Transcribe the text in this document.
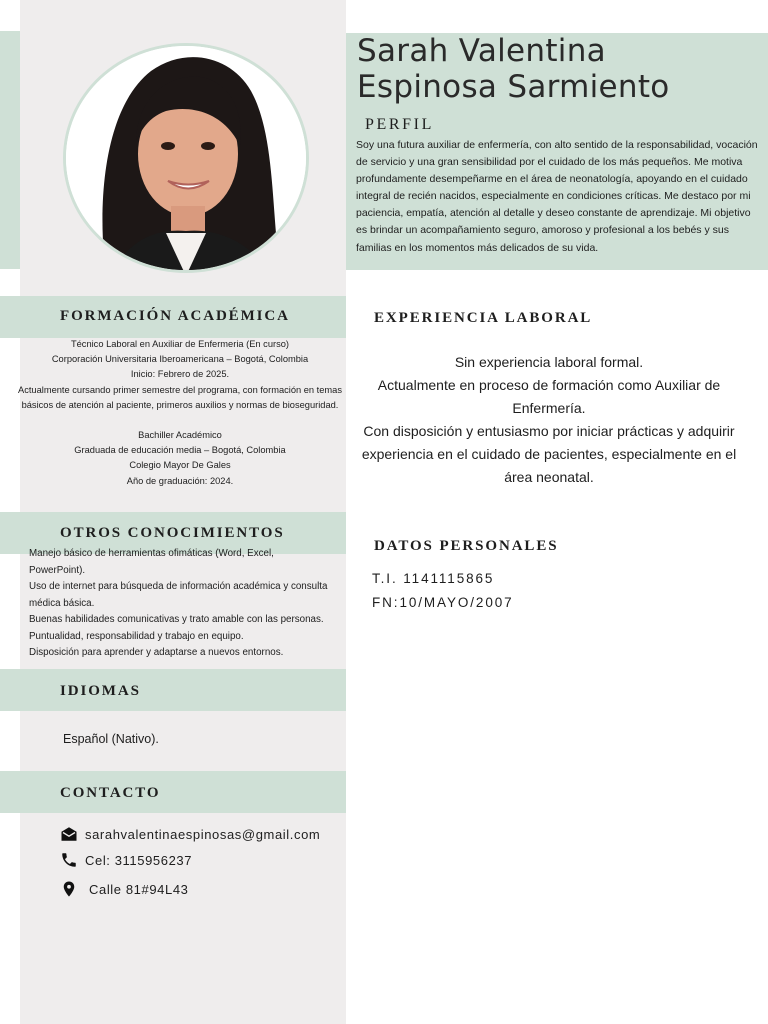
Sarah Valentina
Espinosa Sarmiento
PERFIL
Soy una futura auxiliar de enfermería, con alto sentido de la responsabilidad, vocación de servicio y una gran sensibilidad por el cuidado de los más pequeños. Me motiva profundamente desempeñarme en el área de neonatología, apoyando en el cuidado integral de recién nacidos, especialmente en condiciones críticas. Me destaco por mi paciencia, empatía, atención al detalle y deseo constante de aprendizaje. Mi objetivo es brindar un acompañamiento seguro, amoroso y profesional a los bebés y sus familias en los momentos más delicados de su vida.
FORMACIÓN ACADÉMICA

Técnico Laboral en Auxiliar de Enfermeria (En curso)

Corporación Universitaria Iberoamericana – Bogotá, Colombia

Inicio: Febrero de 2025.

Actualmente cursando primer semestre del programa, con formación en temas básicos de atención al paciente, primeros auxilios y normas de bioseguridad.

Bachiller Académico

Graduada de educación media – Bogotá, Colombia

Colegio Mayor De Gales

Año de graduación: 2024.

OTROS CONOCIMIENTOS
Manejo básico de herramientas ofimáticas (Word, Excel, PowerPoint).
Uso de internet para búsqueda de información académica y consulta médica básica.
Buenas habilidades comunicativas y trato amable con las personas.
Puntualidad, responsabilidad y trabajo en equipo.
Disposición para aprender y adaptarse a nuevos entornos.
IDIOMAS
Español (Nativo).
CONTACTO
sarahvalentinaespinosas@gmail.com
Cel: 3115956237
Calle 81#94L43
EXPERIENCIA LABORAL
Sin experiencia laboral formal.
Actualmente en proceso de formación como Auxiliar de Enfermería.
Con disposición y entusiasmo por iniciar prácticas y adquirir experiencia en el cuidado de pacientes, especialmente en el área neonatal.
DATOS PERSONALES
T.I. 1141115865
FN:10/MAYO/2007
